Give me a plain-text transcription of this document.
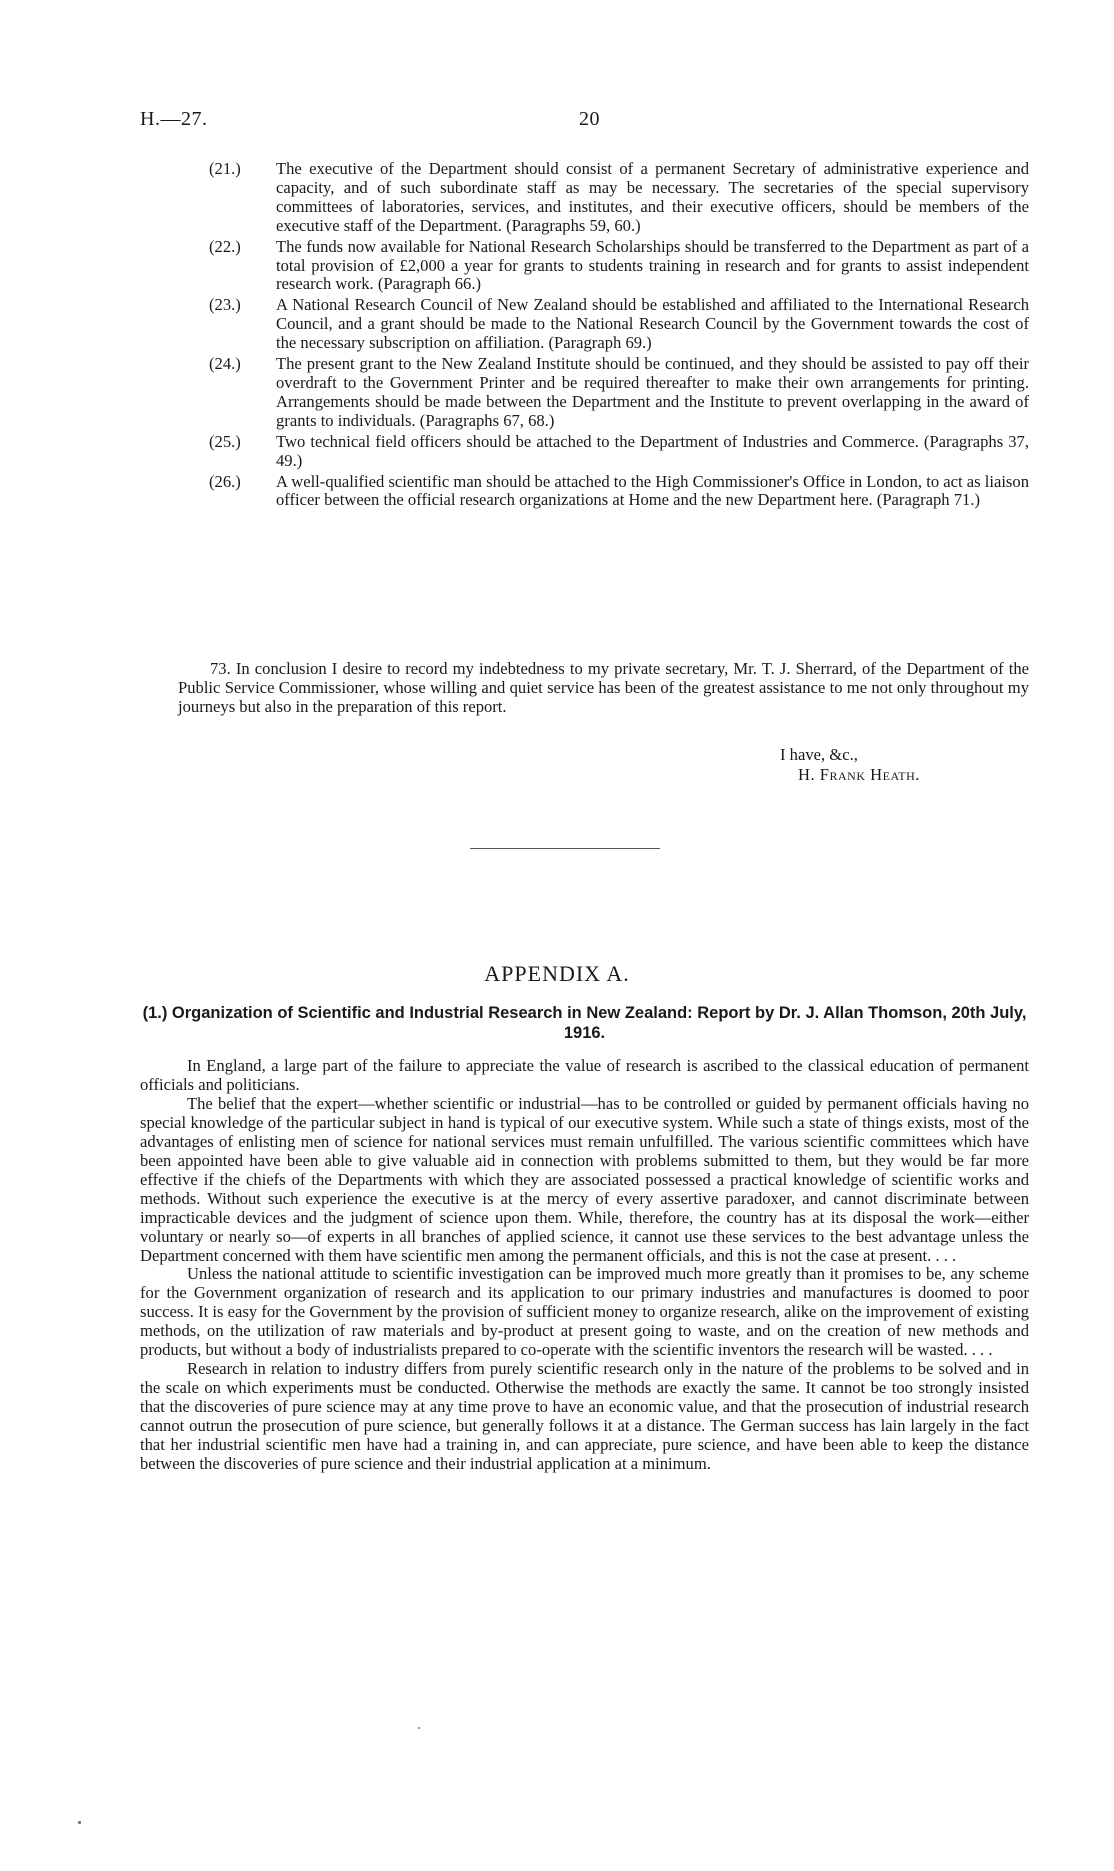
H.—27.	20
(21.) The executive of the Department should consist of a permanent Secretary of administrative experience and capacity, and of such subordinate staff as may be necessary. The secretaries of the special supervisory committees of laboratories, services, and institutes, and their executive officers, should be members of the executive staff of the Department. (Paragraphs 59, 60.)
(22.) The funds now available for National Research Scholarships should be transferred to the Department as part of a total provision of £2,000 a year for grants to students training in research and for grants to assist independent research work. (Paragraph 66.)
(23.) A National Research Council of New Zealand should be established and affiliated to the International Research Council, and a grant should be made to the National Research Council by the Government towards the cost of the necessary subscription on affiliation. (Paragraph 69.)
(24.) The present grant to the New Zealand Institute should be continued, and they should be assisted to pay off their overdraft to the Government Printer and be required thereafter to make their own arrangements for printing. Arrangements should be made between the Department and the Institute to prevent overlapping in the award of grants to individuals. (Paragraphs 67, 68.)
(25.) Two technical field officers should be attached to the Department of Industries and Commerce. (Paragraphs 37, 49.)
(26.) A well-qualified scientific man should be attached to the High Commissioner's Office in London, to act as liaison officer between the official research organizations at Home and the new Department here. (Paragraph 71.)

73. In conclusion I desire to record my indebtedness to my private secretary, Mr. T. J. Sherrard, of the Department of the Public Service Commissioner, whose willing and quiet service has been of the greatest assistance to me not only throughout my journeys but also in the preparation of this report.

I have, &c.,
H. Frank Heath.
APPENDIX A.
(1.) Organization of Scientific and Industrial Research in New Zealand: Report by Dr. J. Allan Thomson, 20th July, 1916.

In England, a large part of the failure to appreciate the value of research is ascribed to the classical education of permanent officials and politicians.

The belief that the expert—whether scientific or industrial—has to be controlled or guided by permanent officials having no special knowledge of the particular subject in hand is typical of our executive system. While such a state of things exists, most of the advantages of enlisting men of science for national services must remain unfulfilled. The various scientific committees which have been appointed have been able to give valuable aid in connection with problems submitted to them, but they would be far more effective if the chiefs of the Departments with which they are associated possessed a practical knowledge of scientific works and methods. Without such experience the executive is at the mercy of every assertive paradoxer, and cannot discriminate between impracticable devices and the judgment of science upon them. While, therefore, the country has at its disposal the work—either voluntary or nearly so—of experts in all branches of applied science, it cannot use these services to the best advantage unless the Department concerned with them have scientific men among the permanent officials, and this is not the case at present. . . .

Unless the national attitude to scientific investigation can be improved much more greatly than it promises to be, any scheme for the Government organization of research and its application to our primary industries and manufactures is doomed to poor success. It is easy for the Government by the provision of sufficient money to organize research, alike on the improvement of existing methods, on the utilization of raw materials and by-product at present going to waste, and on the creation of new methods and products, but without a body of industrialists prepared to co-operate with the scientific inventors the research will be wasted. . . .

Research in relation to industry differs from purely scientific research only in the nature of the problems to be solved and in the scale on which experiments must be conducted. Otherwise the methods are exactly the same. It cannot be too strongly insisted that the discoveries of pure science may at any time prove to have an economic value, and that the prosecution of industrial research cannot outrun the prosecution of pure science, but generally follows it at a distance. The German success has lain largely in the fact that her industrial scientific men have had a training in, and can appreciate, pure science, and have been able to keep the distance between the discoveries of pure science and their industrial application at a minimum.
